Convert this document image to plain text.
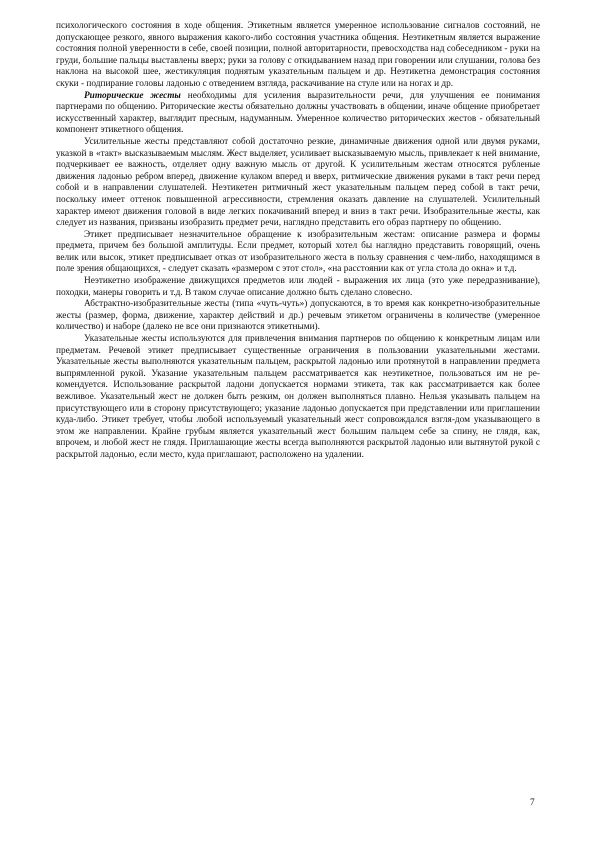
психологического состояния в ходе общения. Этикетным является умеренное использование сигналов состояний, не допускающее резкого, явного выражения какого-либо состояния участника общения. Неэтикетным является выражение состояния полной уверенности в себе, своей позиции, полной авторитарности, превосходства над собеседником - руки на груди, большие пальцы выставлены вверх; руки за голову с откидыванием назад при говорении или слушании, голова без наклона на высокой шее, жестикуляция поднятым указательным пальцем и др. Неэтикетна демонстрация состояния скуки - подпирание головы ладонью с отведением взгляда, раскачивание на стуле или на ногах и др.

Риторические жесты необходимы для усиления выразительности речи, для улучшения ее понимания партнерами по общению. Риторические жесты обязательно должны участвовать в общении, иначе общение приобретает искусственный характер, выглядит пресным, надуманным. Умеренное количество риторических жестов - обязательный компонент этикетного общения.

Усилительные жесты представляют собой достаточно резкие, динамичные движения одной или двумя руками, указкой в «такт» высказываемым мыслям. Жест выделяет, усиливает высказываемую мысль, привлекает к ней внимание, подчеркивает ее важность, отделяет одну важную мысль от другой. К усилительным жестам относятся рубленые движения ладонью ребром вперед, движение кулаком вперед и вверх, ритмические движения руками в такт речи перед собой и в направлении слушателей. Неэтикетен ритмичный жест указательным пальцем перед собой в такт речи, поскольку имеет оттенок повышенной агрессивности, стремления оказать давление на слушателей. Усилительный характер имеют движения головой в виде легких покачиваний вперед и вниз в такт речи. Изобразительные жесты, как следует из названия, призваны изобразить предмет речи, наглядно представить его образ партнеру по общению.

Этикет предписывает незначительное обращение к изобразительным жестам: описание размера и формы предмета, причем без большой амплитуды. Если предмет, который хотел бы наглядно представить говорящий, очень велик или высок, этикет предписывает отказ от изобразительного жеста в пользу сравнения с чем-либо, находящимся в поле зрения общающихся, - следует сказать «размером с этот стол», «на расстоянии как от угла стола до окна» и т.д.

Неэтикетно изображение движущихся предметов или людей - выражения их лица (это уже передразнивание), походки, манеры говорить и т.д. В таком случае описание должно быть сделано словесно.

Абстрактно-изобразительные жесты (типа «чуть-чуть») допускаются, в то время как конкретно-изобразительные жесты (размер, форма, движение, характер действий и др.) речевым этикетом ограничены в количестве (умеренное количество) и наборе (далеко не все они признаются этикетными).

Указательные жесты используются для привлечения внимания партнеров по общению к конкретным лицам или предметам. Речевой этикет предписывает существенные ограничения в пользовании указательными жестами. Указательные жесты выполняются указательным пальцем, раскрытой ладонью или протянутой в направлении предмета выпрямленной рукой. Указание указательным пальцем рассматривается как неэтикетное, пользоваться им не ре-комендуется. Использование раскрытой ладони допускается нормами этикета, так как рассматривается как более вежливое. Указательный жест не должен быть резким, он должен выполняться плавно. Нельзя указывать пальцем на присутствующего или в сторону присутствующего; указание ладонью допускается при представлении или приглашении куда-либо. Этикет требует, чтобы любой используемый указательный жест сопровождался взгля-дом указывающего в этом же направлении. Крайне грубым является указательный жест большим пальцем себе за спину, не глядя, как, впрочем, и любой жест не глядя. Приглашающие жесты всегда выполняются раскрытой ладонью или вытянутой рукой с раскрытой ладонью, если место, куда приглашают, расположено на удалении.

7
